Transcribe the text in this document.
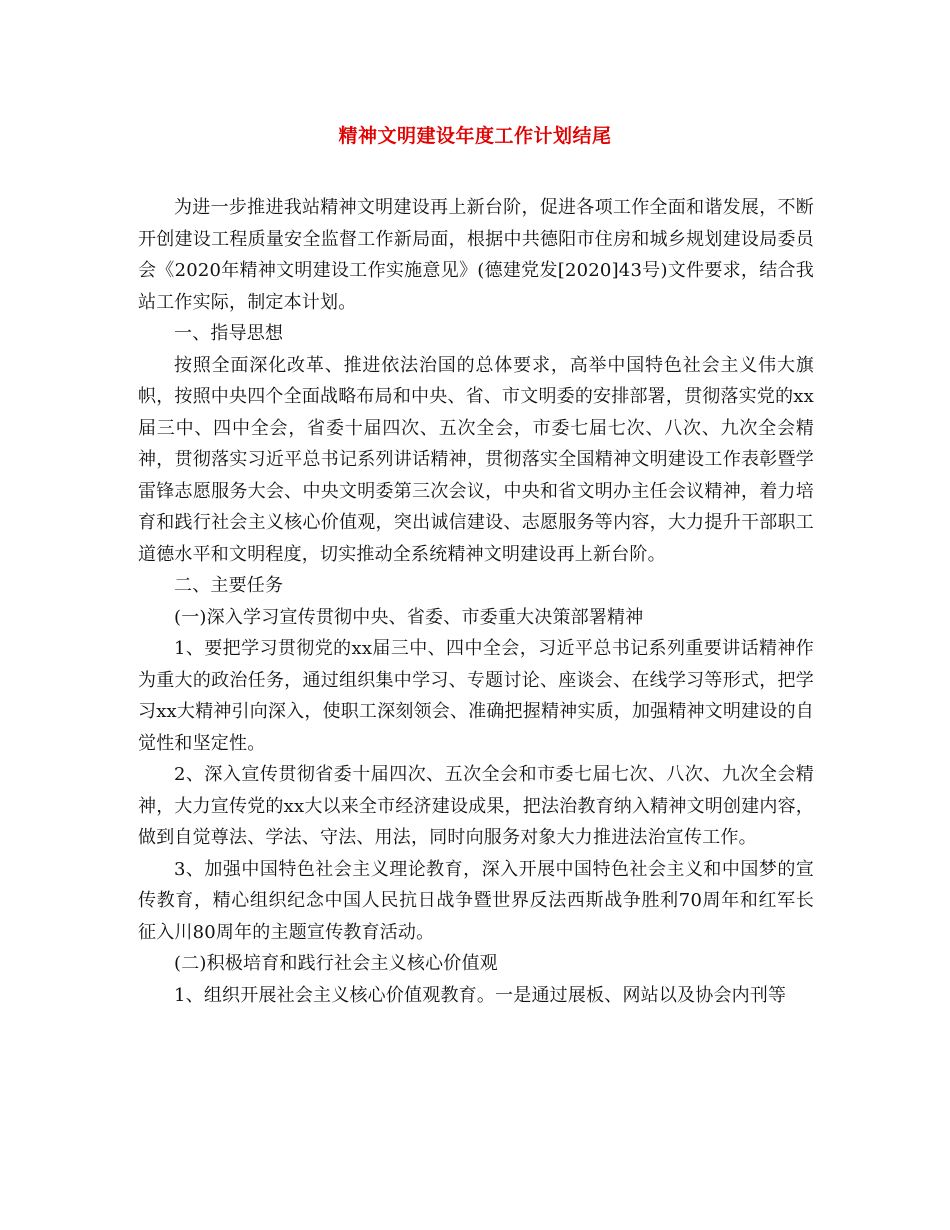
精神文明建设年度工作计划结尾

为进一步推进我站精神文明建设再上新台阶，促进各项工作全面和谐发展，不断开创建设工程质量安全监督工作新局面，根据中共德阳市住房和城乡规划建设局委员会《2020年精神文明建设工作实施意见》(德建党发[2020]43号)文件要求，结合我站工作实际，制定本计划。

一、指导思想

按照全面深化改革、推进依法治国的总体要求，高举中国特色社会主义伟大旗帜，按照中央四个全面战略布局和中央、省、市文明委的安排部署，贯彻落实党的xx届三中、四中全会，省委十届四次、五次全会，市委七届七次、八次、九次全会精神，贯彻落实习近平总书记系列讲话精神，贯彻落实全国精神文明建设工作表彰暨学雷锋志愿服务大会、中央文明委第三次会议，中央和省文明办主任会议精神，着力培育和践行社会主义核心价值观，突出诚信建设、志愿服务等内容，大力提升干部职工道德水平和文明程度，切实推动全系统精神文明建设再上新台阶。

二、主要任务

(一)深入学习宣传贯彻中央、省委、市委重大决策部署精神

1、要把学习贯彻党的xx届三中、四中全会，习近平总书记系列重要讲话精神作为重大的政治任务，通过组织集中学习、专题讨论、座谈会、在线学习等形式，把学习xx大精神引向深入，使职工深刻领会、准确把握精神实质，加强精神文明建设的自觉性和坚定性。

2、深入宣传贯彻省委十届四次、五次全会和市委七届七次、八次、九次全会精神，大力宣传党的xx大以来全市经济建设成果，把法治教育纳入精神文明创建内容，做到自觉尊法、学法、守法、用法，同时向服务对象大力推进法治宣传工作。

3、加强中国特色社会主义理论教育，深入开展中国特色社会主义和中国梦的宣传教育，精心组织纪念中国人民抗日战争暨世界反法西斯战争胜利70周年和红军长征入川80周年的主题宣传教育活动。

(二)积极培育和践行社会主义核心价值观

1、组织开展社会主义核心价值观教育。一是通过展板、网站以及协会内刊等
